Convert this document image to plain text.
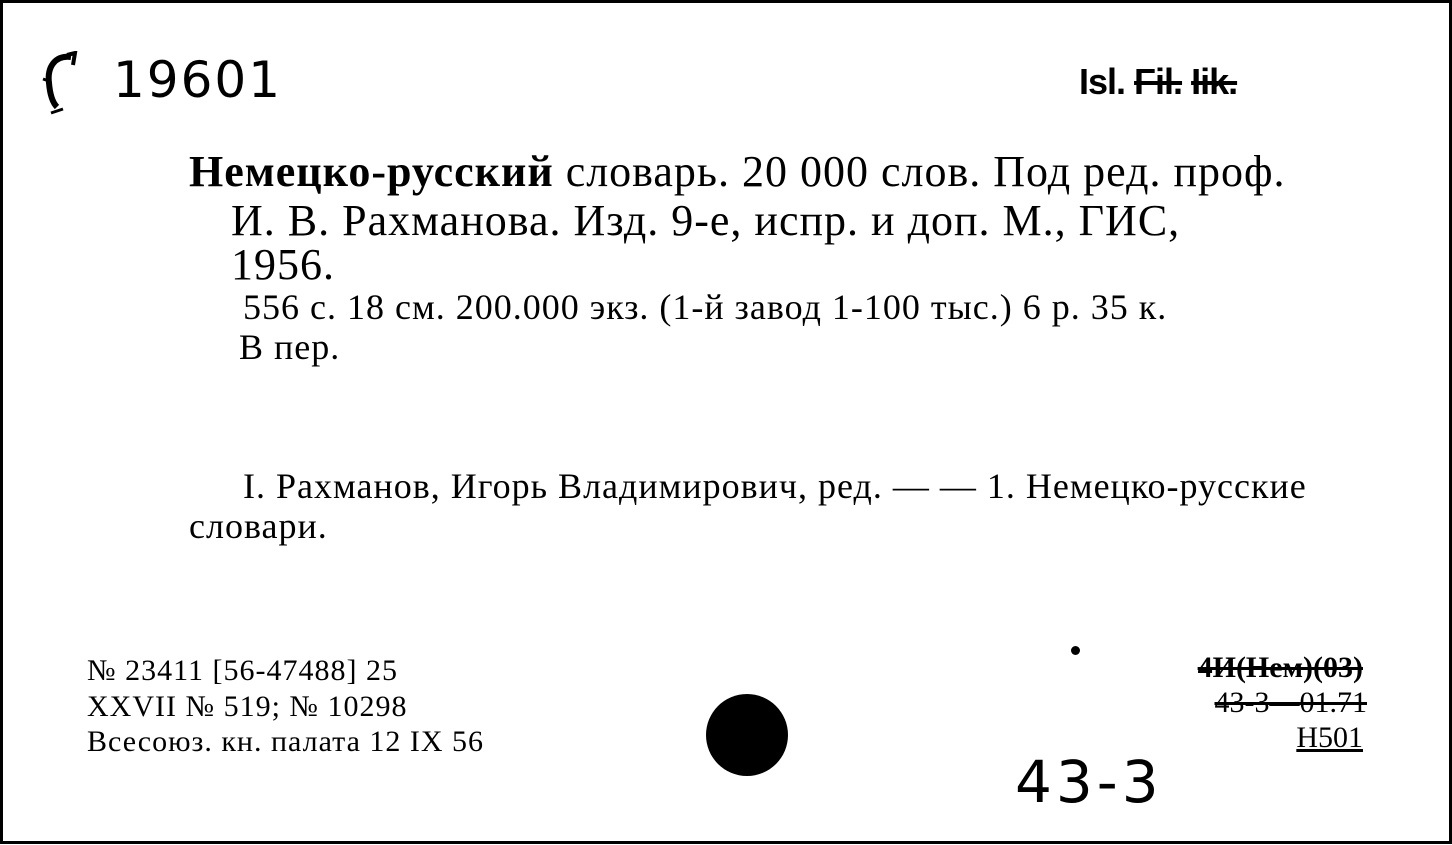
19601	Isl. Fil. Iik.
Немецко-русский словарь. 20 000 слов. Под ред. проф.
И. В. Рахманова. Изд. 9-е, испр. и доп. М., ГИС,
1956.
556 с. 18 см. 200.000 экз. (1-й завод 1-100 тыс.) 6 р. 35 к.
В пер.
I. Рахманов, Игорь Владимирович, ред. — — 1. Немецко-русские
словари.
№ 23411 [56-47488] 25
XXVII № 519; № 10298
Всесоюз. кн. палата 12 IX 56
4И(Нем)(03)
43-3—01.71
Н501
43-3
